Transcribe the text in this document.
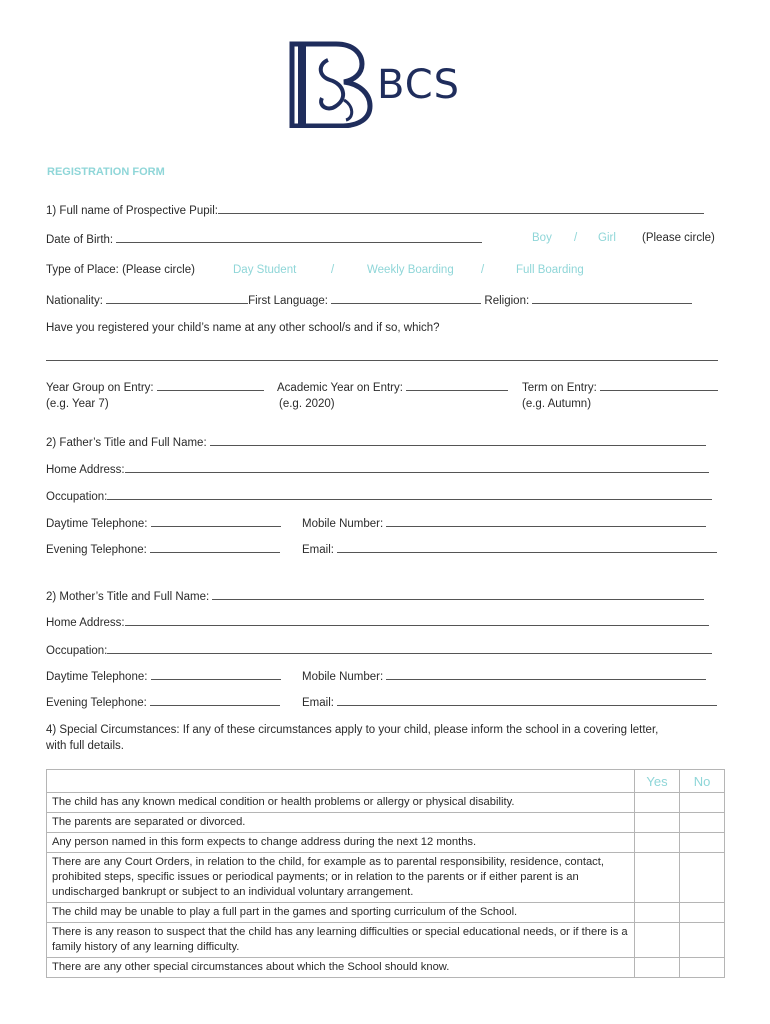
BCS
REGISTRATION FORM
1) Full name of Prospective Pupil:
Date of Birth:	Boy / Girl (Please circle)
Type of Place: (Please circle)	Day Student	/	Weekly Boarding /	Full Boarding
Nationality:	First Language:	Religion:
Have you registered your child’s name at any other school/s and if so, which?
Year Group on Entry:	Academic Year on Entry:	Term on Entry:
(e.g. Year 7)	(e.g. 2020)	(e.g. Autumn)
2) Father’s Title and Full Name:
Home Address:
Occupation:
Daytime Telephone:	Mobile Number:
Evening Telephone:	Email:
2) Mother’s Title and Full Name:
Home Address:
Occupation:
Daytime Telephone:	Mobile Number:
Evening Telephone:	Email:
4) Special Circumstances: If any of these circumstances apply to your child, please inform the school in a covering letter,
with full details.
	Yes	No
The child has any known medical condition or health problems or allergy or physical disability.		
The parents are separated or divorced.		
Any person named in this form expects to change address during the next 12 months.		
There are any Court Orders, in relation to the child, for example as to parental responsibility, residence, contact, prohibited steps, specific issues or periodical payments; or in relation to the parents or if either parent is an undischarged bankrupt or subject to an individual voluntary arrangement.		
The child may be unable to play a full part in the games and sporting curriculum of the School.		
There is any reason to suspect that the child has any learning difficulties or special educational needs, or if there is a family history of any learning difficulty.		
There are any other special circumstances about which the School should know.		
